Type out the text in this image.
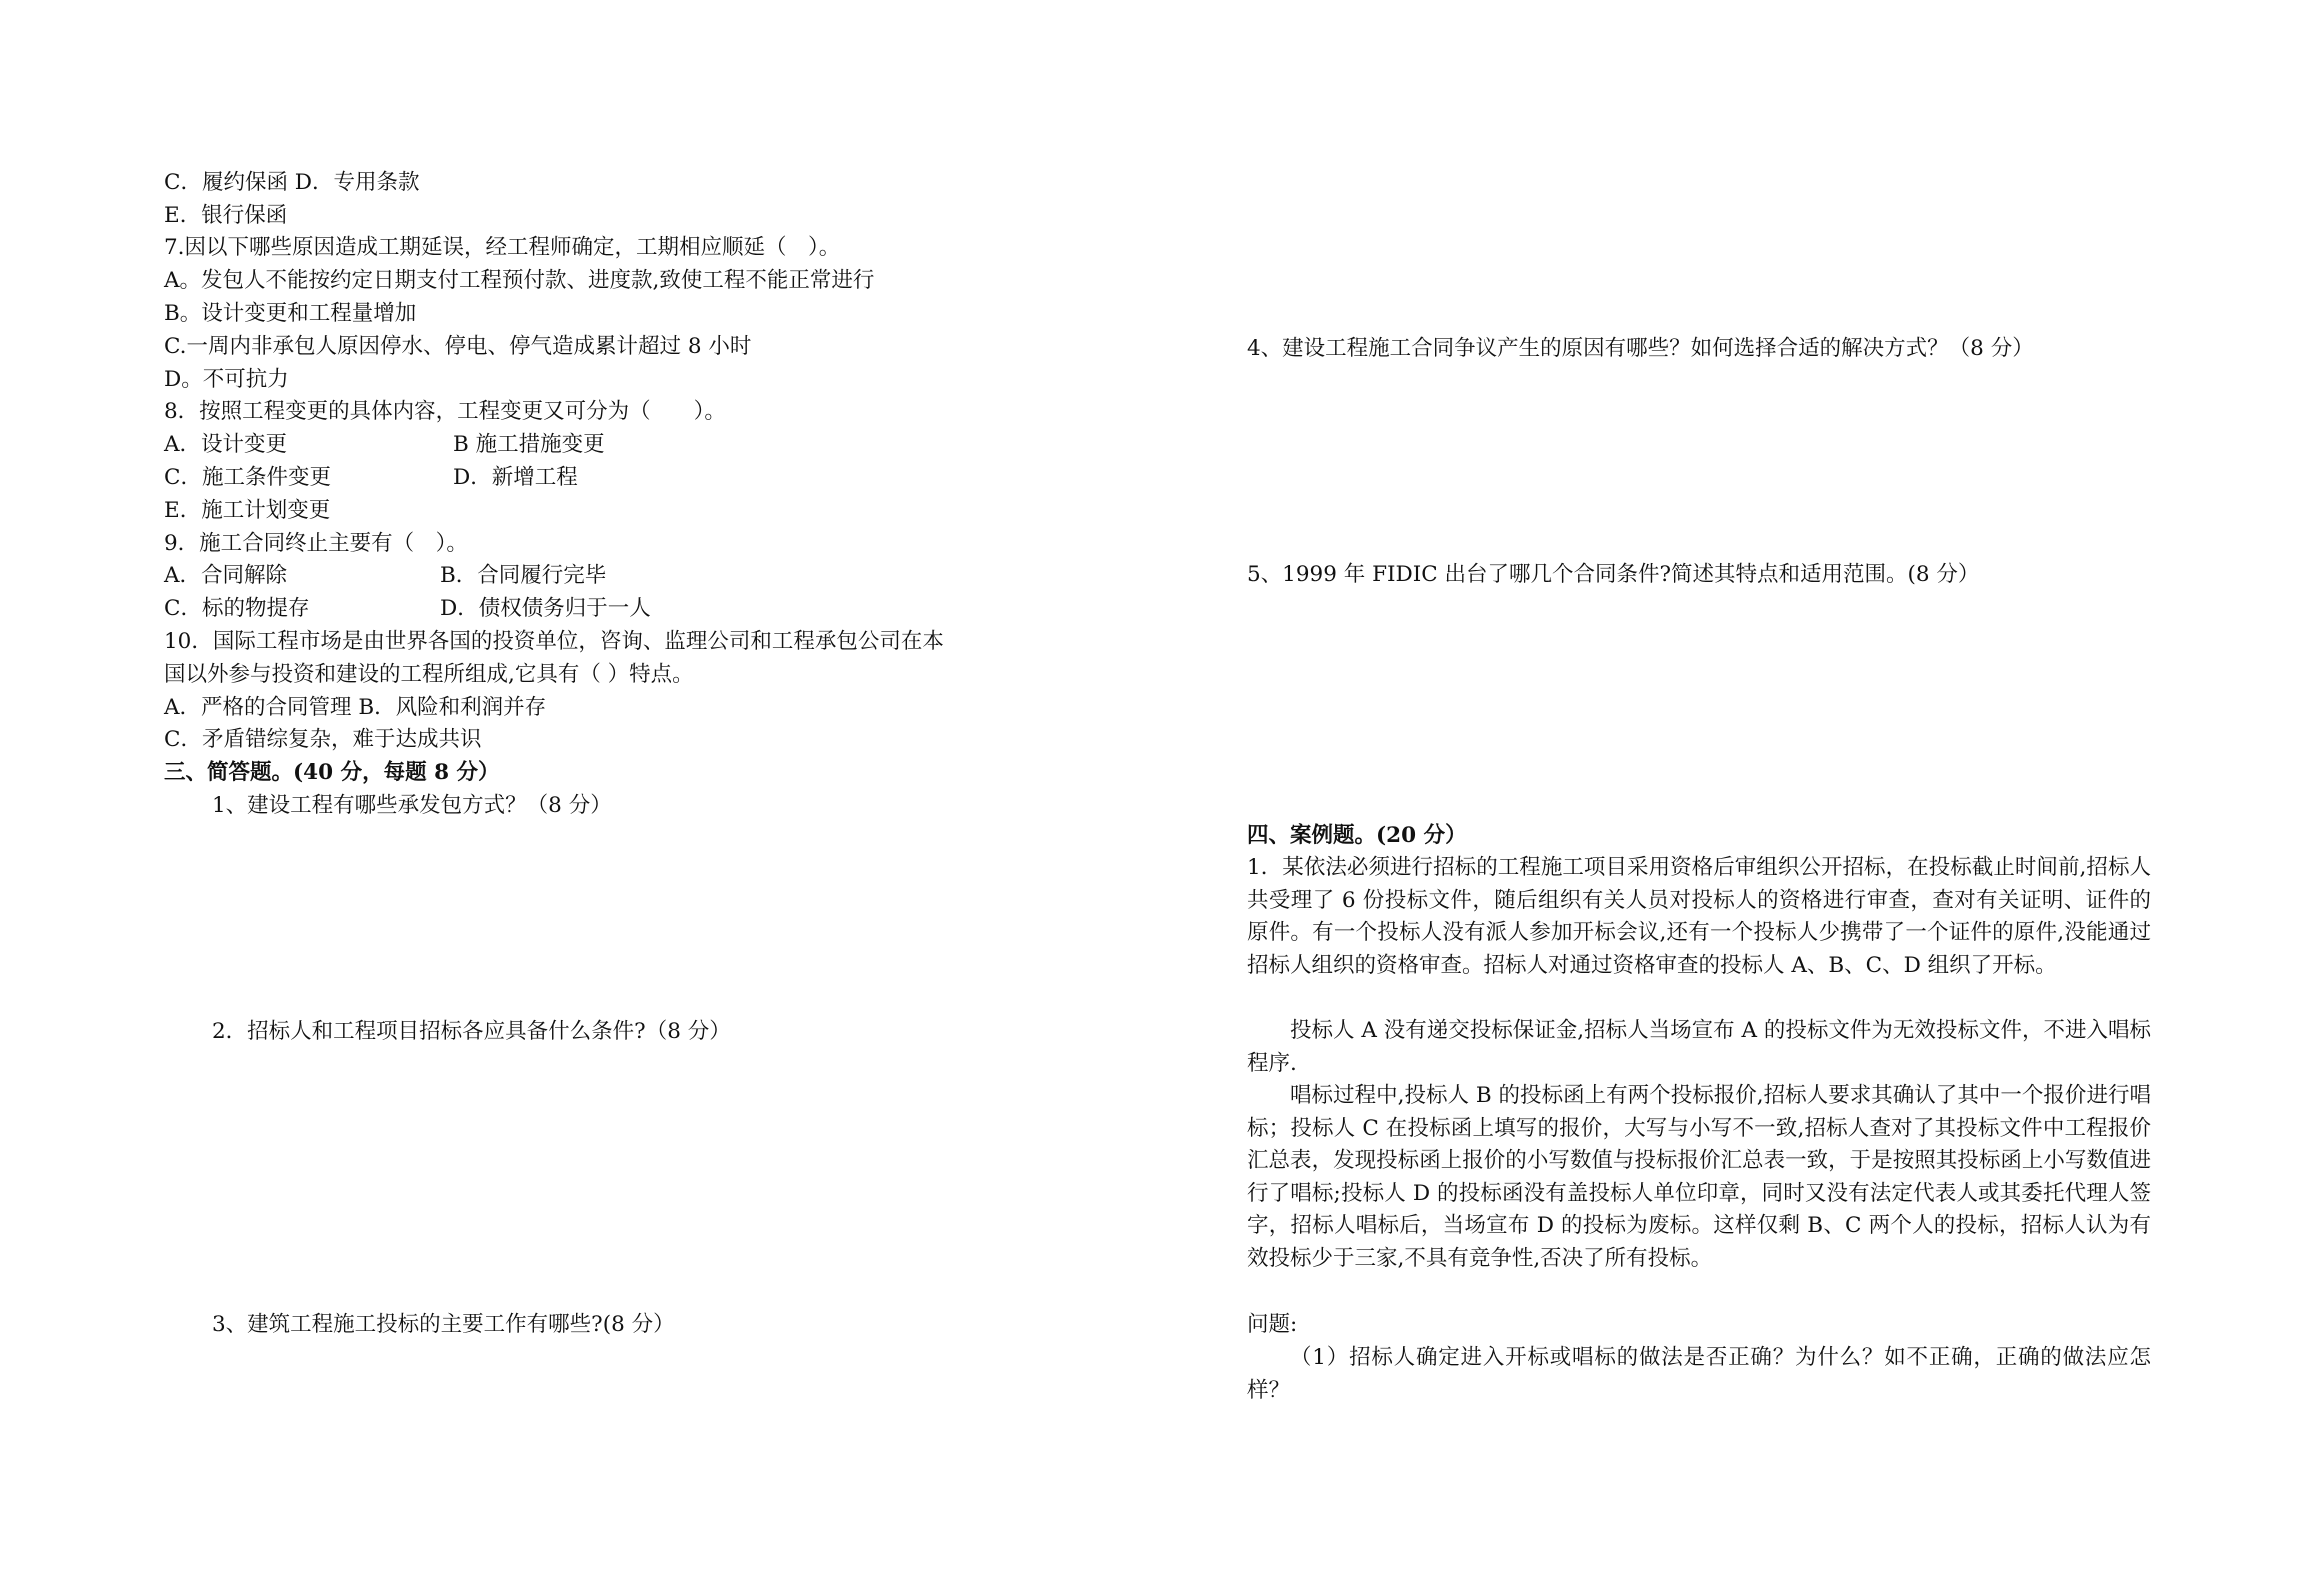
C．履约保函 D．专用条款
E．银行保函
7.因以下哪些原因造成工期延误，经工程师确定，工期相应顺延（　）。
A。发包人不能按约定日期支付工程预付款、进度款,致使工程不能正常进行
B。设计变更和工程量增加
C.一周内非承包人原因停水、停电、停气造成累计超过 8 小时
D。不可抗力
8．按照工程变更的具体内容，工程变更又可分为（　　）。
A．设计变更	B 施工措施变更
C．施工条件变更	D．新增工程
E．施工计划变更
9．施工合同终止主要有（　）。
A．合同解除	B．合同履行完毕
C．标的物提存	D．债权债务归于一人
10．国际工程市场是由世界各国的投资单位，咨询、监理公司和工程承包公司在本
国以外参与投资和建设的工程所组成,它具有（ ）特点。
A．严格的合同管理 B．风险和利润并存
C．矛盾错综复杂，难于达成共识
三、简答题。(40 分，每题 8 分）
1、建设工程有哪些承发包方式？（8 分）
2．招标人和工程项目招标各应具备什么条件?（8 分）
3、建筑工程施工投标的主要工作有哪些?(8 分）
4、建设工程施工合同争议产生的原因有哪些？如何选择合适的解决方式？（8 分）
5、1999 年 FIDIC 出台了哪几个合同条件?简述其特点和适用范围。(8 分）
四、案例题。(20 分）
1．某依法必须进行招标的工程施工项目采用资格后审组织公开招标，在投标截止时间前,招标人共受理了 6 份投标文件，随后组织有关人员对投标人的资格进行审查，查对有关证明、证件的原件。有一个投标人没有派人参加开标会议,还有一个投标人少携带了一个证件的原件,没能通过招标人组织的资格审查。招标人对通过资格审查的投标人 A、B、C、D 组织了开标。
投标人 A 没有递交投标保证金,招标人当场宣布 A 的投标文件为无效投标文件，不进入唱标程序.
唱标过程中,投标人 B 的投标函上有两个投标报价,招标人要求其确认了其中一个报价进行唱标；投标人 C 在投标函上填写的报价，大写与小写不一致,招标人查对了其投标文件中工程报价汇总表，发现投标函上报价的小写数值与投标报价汇总表一致，于是按照其投标函上小写数值进行了唱标;投标人 D 的投标函没有盖投标人单位印章，同时又没有法定代表人或其委托代理人签字，招标人唱标后，当场宣布 D 的投标为废标。这样仅剩 B、C 两个人的投标，招标人认为有效投标少于三家,不具有竞争性,否决了所有投标。
问题:
（1）招标人确定进入开标或唱标的做法是否正确？为什么？如不正确，正确的做法应怎样？
